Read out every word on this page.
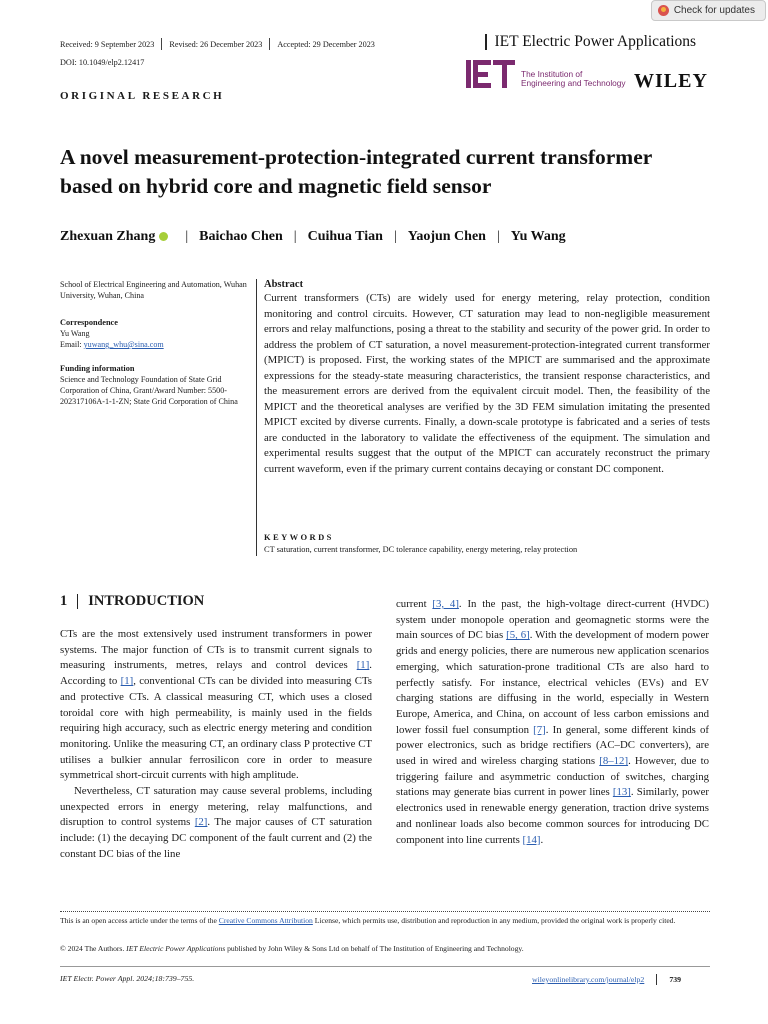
Check for updates
Received: 9 September 2023 Revised: 26 December 2023 Accepted: 29 December 2023
DOI: 10.1049/elp2.12417
IET Electric Power Applications
The Institution of
Engineering and Technology WILEY
ORIGINAL RESEARCH
A novel measurement-protection-integrated current transformer
based on hybrid core and magnetic field sensor
Zhexuan Zhang | Baichao Chen | Cuihua Tian | Yaojun Chen | Yu Wang

School of Electrical Engineering and Automation, Wuhan University, Wuhan, China

Correspondence

Yu Wang

Email: yuwang_whu@sina.com

Funding information

Science and Technology Foundation of State Grid Corporation of China, Grant/Award Number: 5500-202317106A-1-1-ZN; State Grid Corporation of China

Abstract

Current transformers (CTs) are widely used for energy metering, relay protection, condition monitoring and control circuits. However, CT saturation may lead to non-negligible measurement errors and relay malfunctions, posing a threat to the stability and security of the power grid. In order to address the problem of CT saturation, a novel measurement-protection-integrated current transformer (MPICT) is proposed. First, the working states of the MPICT are summarised and the approximate expressions for the steady-state measuring characteristics, the transient response characteristics, and the measurement errors are derived from the equivalent circuit model. Then, the feasibility of the MPICT and the theoretical analyses are verified by the 3D FEM simulation imitating the presented MPICT excited by diverse currents. Finally, a down-scale prototype is fabricated and a series of tests are conducted in the laboratory to validate the effectiveness of the equipment. The simulation and experimental results suggest that the output of the MPICT can accurately reconstruct the primary current waveform, even if the primary current contains decaying or constant DC component.

KEYWORDS
CT saturation, current transformer, DC tolerance capability, energy metering, relay protection
1 INTRODUCTION

CTs are the most extensively used instrument transformers in power systems. The major function of CTs is to transmit current signals to measuring instruments, metres, relays and control devices [1]. According to [1], conventional CTs can be divided into measuring CTs and protective CTs. A classical measuring CT, which uses a closed toroidal core with high permeability, is mainly used in the fields requiring high accuracy, such as electric energy metering and condition monitoring. Unlike the measuring CT, an ordinary class P protective CT utilises a bulkier annular ferrosilicon core in order to measure symmetrical short-circuit currents with high amplitude.

Nevertheless, CT saturation may cause several problems, including unexpected errors in energy metering, relay malfunctions, and disruption to control systems [2]. The major causes of CT saturation include: (1) the decaying DC component of the fault current and (2) the constant DC bias of the line

current [3, 4]. In the past, the high-voltage direct-current (HVDC) system under monopole operation and geomagnetic storms were the main sources of DC bias [5, 6]. With the development of modern power grids and energy policies, there are numerous new application scenarios emerging, which saturation-prone traditional CTs are also hard to perfectly satisfy. For instance, electrical vehicles (EVs) and EV charging stations are diffusing in the world, especially in Western Europe, America, and China, on account of less carbon emissions and lower fossil fuel consumption [7]. In general, some different kinds of power electronics, such as bridge rectifiers (AC–DC converters), are used in wired and wireless charging stations [8–12]. However, due to triggering failure and asymmetric conduction of switches, charging stations may generate bias current in power lines [13]. Similarly, power electronics used in renewable energy generation, traction drive systems and nonlinear loads also become common sources for introducing DC component into line currents [14].

This is an open access article under the terms of the Creative Commons Attribution License, which permits use, distribution and reproduction in any medium, provided the original work is properly cited.
© 2024 The Authors. IET Electric Power Applications published by John Wiley & Sons Ltd on behalf of The Institution of Engineering and Technology.
IET Electr. Power Appl. 2024;18:739–755.	wileyonlinelibrary.com/journal/elp2	739
